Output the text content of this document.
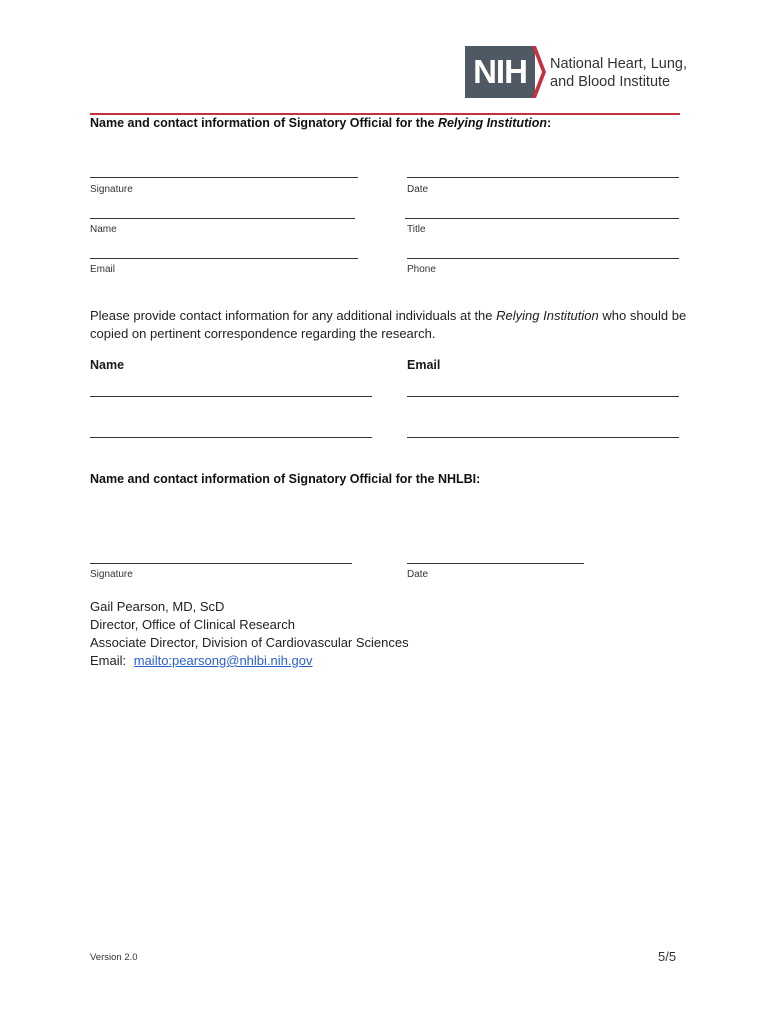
NIH	National Heart, Lung,
and Blood Institute
Name and contact information of Signatory Official for the Relying Institution:
Signature	Date
Name	Title
Email	Phone
Please provide contact information for any additional individuals at the Relying Institution who should be
copied on pertinent correspondence regarding the research.
Name	Email
Name and contact information of Signatory Official for the NHLBI:
Signature	Date
Gail Pearson, MD, ScD
Director, Office of Clinical Research
Associate Director, Division of Cardiovascular Sciences
Email: mailto:pearsong@nhlbi.nih.gov
Version 2.0	5/5
